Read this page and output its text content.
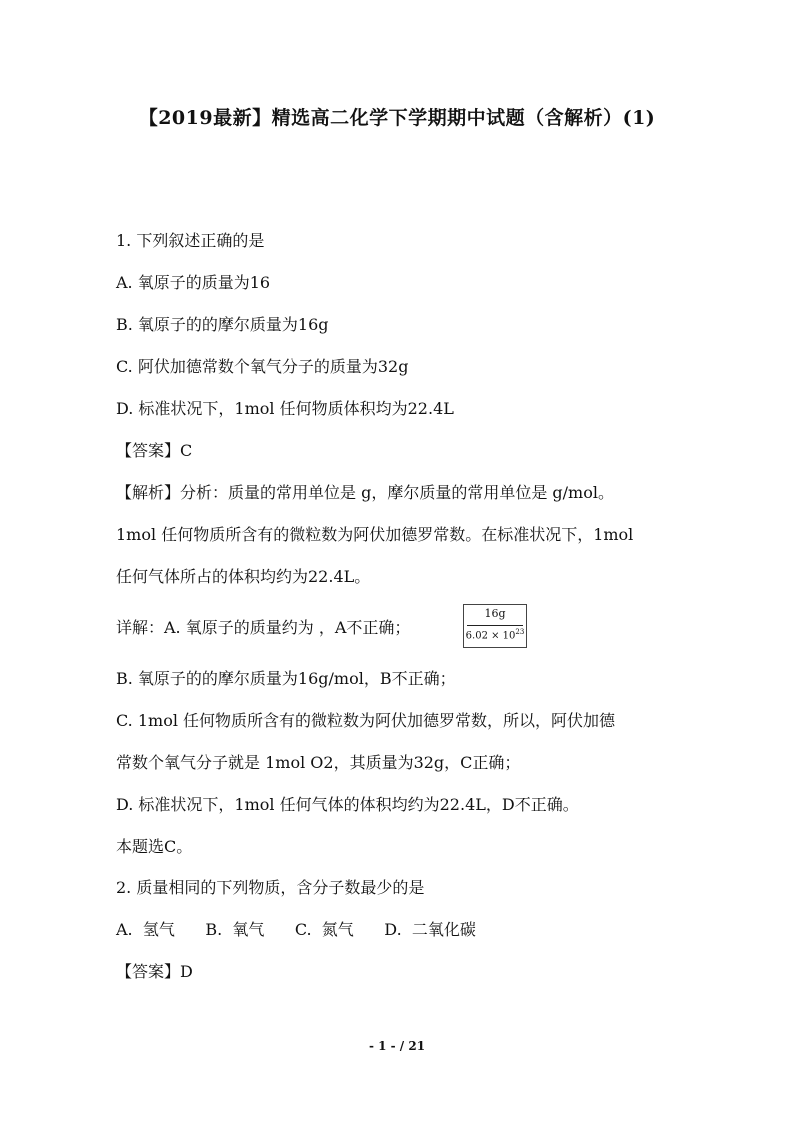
【2019最新】精选高二化学下学期期中试题（含解析）(1)
1. 下列叙述正确的是
A. 氧原子的质量为16
B. 氧原子的的摩尔质量为16g
C. 阿伏加德常数个氧气分子的质量为32g
D. 标准状况下，1mol 任何物质体积均为22.4L
【答案】C
【解析】分析：质量的常用单位是 g，摩尔质量的常用单位是 g/mol。
1mol 任何物质所含有的微粒数为阿伏加德罗常数。在标准状况下，1mol
任何气体所占的体积均约为22.4L。
详解：A. 氧原子的质量约为 ，A不正确；
16g
$6.02 \times 10^{23}$
B. 氧原子的的摩尔质量为16g/mol，B不正确；
C. 1mol 任何物质所含有的微粒数为阿伏加德罗常数，所以，阿伏加德
常数个氧气分子就是 1mol O2，其质量为32g，C正确；
D. 标准状况下，1mol 任何气体的体积均约为22.4L，D不正确。
本题选C。
2. 质量相同的下列物质，含分子数最少的是
A.  氢气      B.  氧气      C.  氮气      D.  二氧化碳
【答案】D
- 1 - / 21
